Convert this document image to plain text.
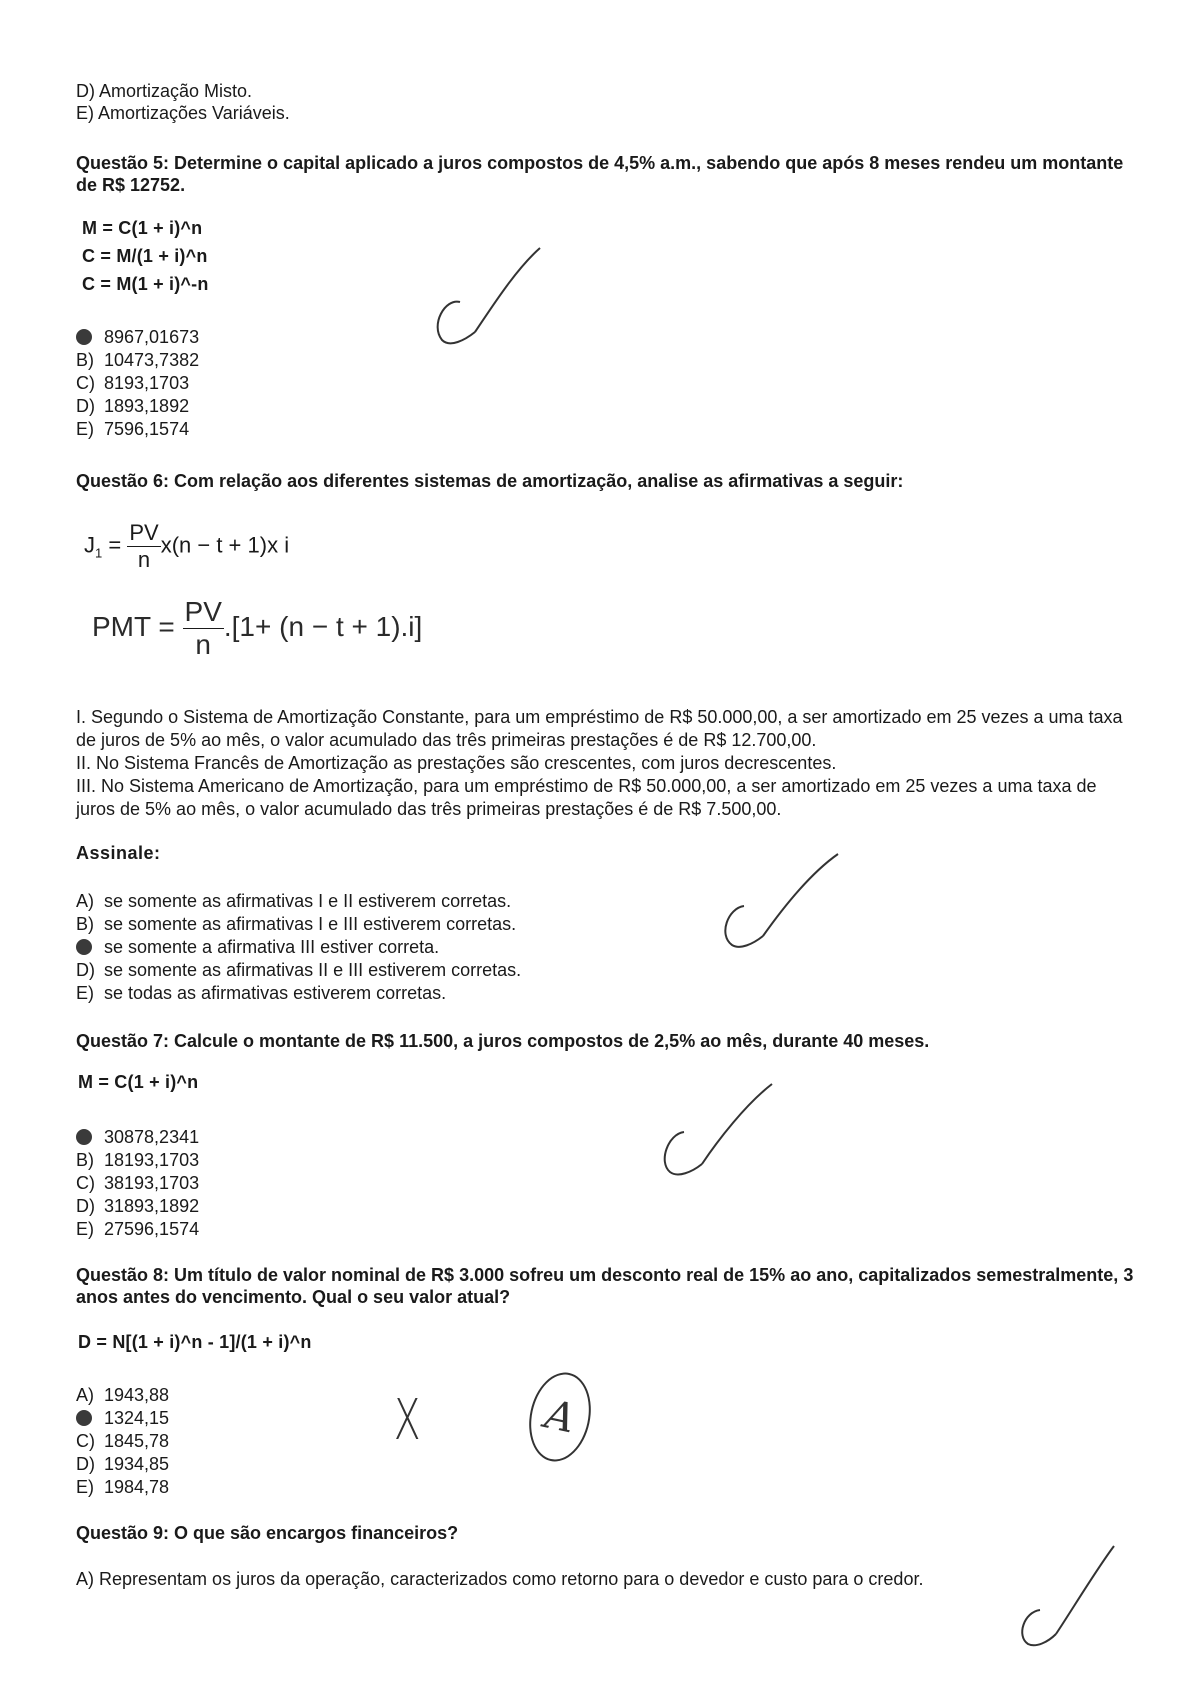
D) Amortização Misto.
E) Amortizações Variáveis.
Questão 5: Determine o capital aplicado a juros compostos de 4,5% a.m., sabendo que após 8 meses rendeu um montante de R$ 12752.
M = C(1 + i)^n
C = M/(1 + i)^n
C = M(1 + i)^-n
8967,01673
B) 10473,7382
C) 8193,1703
D) 1893,1892
E) 7596,1574
Questão 6: Com relação aos diferentes sistemas de amortização, analise as afirmativas a seguir:
$J_1 = \frac{PV}{n} x(n - t + 1)x$ i
PMT = $\frac{PV}{n} .[1+ (n - t + 1).i]$
I. Segundo o Sistema de Amortização Constante, para um empréstimo de R$ 50.000,00, a ser amortizado em 25 vezes a uma taxa de juros de 5% ao mês, o valor acumulado das três primeiras prestações é de R$ 12.700,00.
II. No Sistema Francês de Amortização as prestações são crescentes, com juros decrescentes.
III. No Sistema Americano de Amortização, para um empréstimo de R$ 50.000,00, a ser amortizado em 25 vezes a uma taxa de juros de 5% ao mês, o valor acumulado das três primeiras prestações é de R$ 7.500,00.
Assinale:
A) se somente as afirmativas I e II estiverem corretas.
B) se somente as afirmativas I e III estiverem corretas.
se somente a afirmativa III estiver correta.
D) se somente as afirmativas II e III estiverem corretas.
E) se todas as afirmativas estiverem corretas.
Questão 7: Calcule o montante de R$ 11.500, a juros compostos de 2,5% ao mês, durante 40 meses.
M = C(1 + i)^n
30878,2341
B) 18193,1703
C) 38193,1703
D) 31893,1892
E) 27596,1574
Questão 8: Um título de valor nominal de R$ 3.000 sofreu um desconto real de 15% ao ano, capitalizados semestralmente, 3 anos antes do vencimento. Qual o seu valor atual?
D = N[(1 + i)^n - 1]/(1 + i)^n
A) 1943,88
1324,15
C) 1845,78
D) 1934,85
E) 1984,78
X	A
Questão 9: O que são encargos financeiros?
A) Representam os juros da operação, caracterizados como retorno para o devedor e custo para o credor.
